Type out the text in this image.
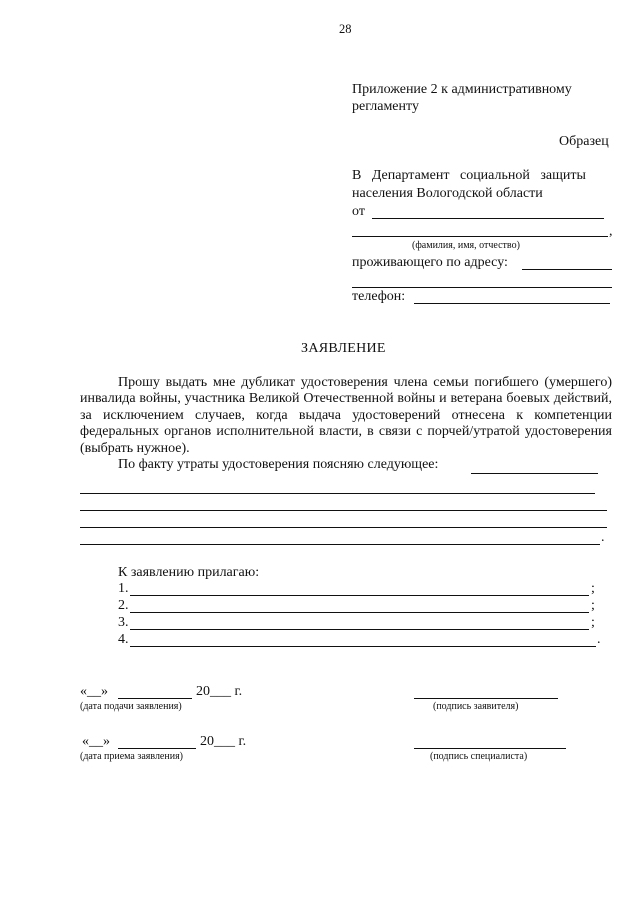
28
Приложение 2 к административному
регламенту
Образец
В   Департамент   социальной   защиты
населения Вологодской области
от
,
(фамилия, имя, отчество)
проживающего по адресу:
телефон:
ЗАЯВЛЕНИЕ

Прошу выдать мне дубликат удостоверения члена семьи погибшего (умершего) инвалида войны, участника Великой Отечественной войны и ветерана боевых действий, за исключением случаев, когда выдача удостоверений отнесена к компетенции федеральных органов исполнительной власти, в связи с порчей/утратой удостоверения (выбрать нужное).

По факту утраты удостоверения поясняю следующее:
.
К заявлению прилагаю:
1.	;
2.	;
3.	;
4.	.
«__»	20___ г.
(дата подачи заявления)	(подпись заявителя)
«__»	20___ г.
(дата приема заявления)	(подпись специалиста)
